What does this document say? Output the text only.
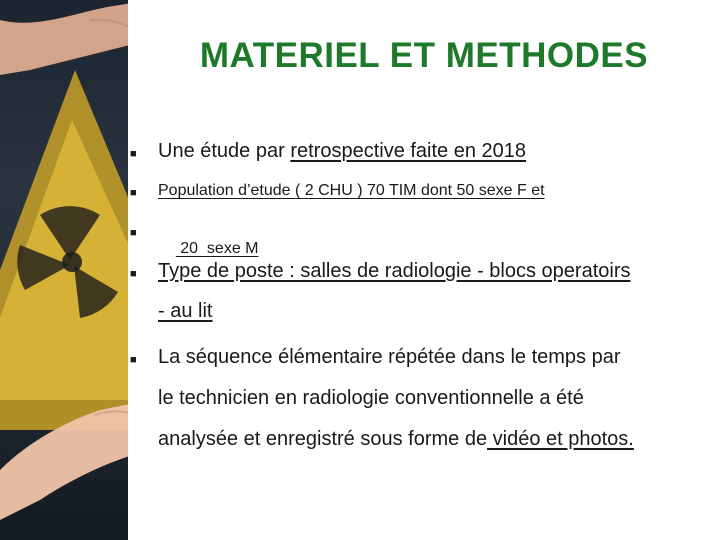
MATERIEL ET METHODES
■ Une étude par retrospective faite en 2018
■ Population d’etude ( 2 CHU ) 70 TIM dont 50 sexe F et
■

20  sexe M

■ Type de poste : salles de radiologie - blocs operatoirs
- au lit
■ La séquence élémentaire répétée dans le temps par
le technicien en radiologie conventionnelle a été
analysée et enregistré sous forme de vidéo et photos.
